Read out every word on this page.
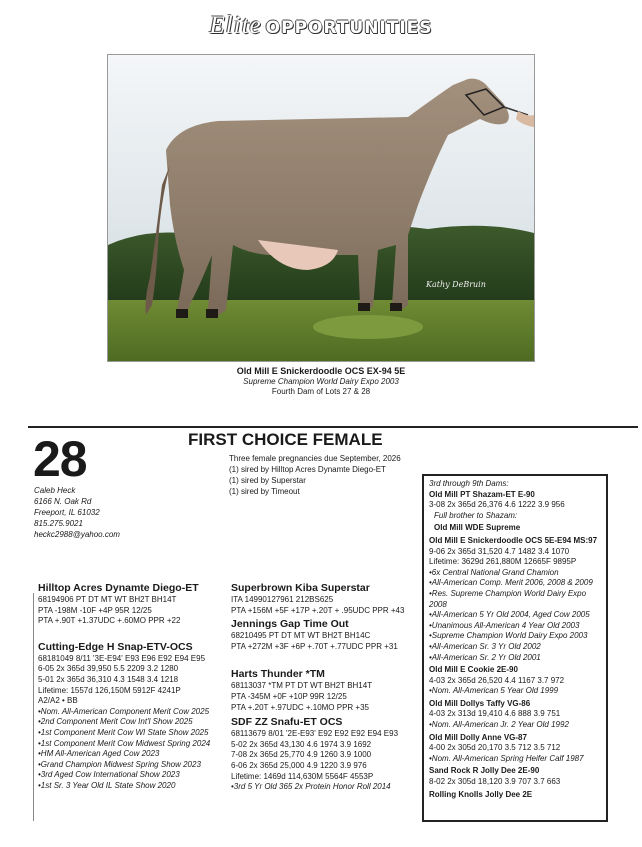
Elite OPPORTUNITIES
Kathy DeBruin
Old Mill E Snickerdoodle OCS EX-94 5E
Supreme Champion World Dairy Expo 2003
Fourth Dam of Lots 27 & 28
28
Caleb Heck
6166 N. Oak Rd
Freeport, IL 61032
815.275.9021
heckc2988@yahoo.com
FIRST CHOICE FEMALE
Three female pregnancies due September, 2026
(1) sired by Hilltop Acres Dynamte Diego-ET
(1) sired by Superstar
(1) sired by Timeout
Hilltop Acres Dynamte Diego-ET
68194906 PT DT MT WT BH2T BH14T
PTA -198M -10F +4P 95R 12/25
PTA +.90T +1.37UDC +.60MO PPR +22
Cutting-Edge H Snap-ETV-OCS
68181049 8/11 '3E-E94' E93 E96 E92 E94 E95
6-05 2x 365d 39,950 5.5 2209 3.2 1280
5-01 2x 365d 36,310 4.3 1548 3.4 1218
Lifetime: 1557d 126,150M 5912F 4241P
A2/A2 • BB
•Nom. All-American Component Merit Cow 2025
•2nd Component Merit Cow Int'l Show 2025
•1st Component Merit Cow WI State Show 2025
•1st Component Merit Cow Midwest Spring 2024
•HM All-American Aged Cow 2023
•Grand Champion Midwest Spring Show 2023
•3rd Aged Cow International Show 2023
•1st Sr. 3 Year Old IL State Show 2020
Superbrown Kiba Superstar
ITA 14990127961 212BS625
PTA +156M +5F +17P +.20T + .95UDC PPR +43
Jennings Gap Time Out
68210495 PT DT MT WT BH2T BH14C
PTA +272M +3F +6P +.70T +.77UDC PPR +31
Harts Thunder *TM
68113037 *TM PT DT WT BH2T BH14T
PTA -345M +0F +10P 99R 12/25
PTA +.20T +.97UDC +.10MO PPR +35
SDF ZZ Snafu-ET OCS
68113679 8/01 '2E-E93' E92 E92 E92 E94 E93
5-02 2x 365d 43,130 4.6 1974 3.9 1692
7-08 2x 365d 25,770 4.9 1260 3.9 1000
6-06 2x 365d 25,000 4.9 1220 3.9 976
Lifetime: 1469d 114,630M 5564F 4553P
•3rd 5 Yr Old 365 2x Protein Honor Roll 2014
3rd through 9th Dams:
Old Mill PT Shazam-ET E-90
3-08 2x 365d 26,376 4.6 1222 3.9 956
Full brother to Shazam:
Old Mill WDE Supreme
Old Mill E Snickerdoodle OCS 5E-E94 MS:97
9-06 2x 365d 31,520 4.7 1482 3.4 1070
Lifetime: 3629d 261,880M 12665F 9895P
•6x Central National Grand Chamion
•All-American Comp. Merit 2006, 2008 & 2009
•Res. Supreme Champion World Dairy Expo 2008
•All-American 5 Yr Old 2004, Aged Cow 2005
•Unanimous All-American 4 Year Old 2003
•Supreme Champion World Dairy Expo 2003
•All-American Sr. 3 Yr Old 2002
•All-American Sr. 2 Yr Old 2001
Old Mill E Cookie 2E-90
4-03 2x 365d 26,520 4.4 1167 3.7 972
•Nom. All-American 5 Year Old 1999
Old Mill Dollys Taffy VG-86
4-03 2x 313d 19,410 4.6 888 3.9 751
•Nom. All-American Jr. 2 Year Old 1992
Old Mill Dolly Anne VG-87
4-00 2x 305d 20,170 3.5 712 3.5 712
•Nom. All-American Spring Heifer Calf 1987
Sand Rock R Jolly Dee 2E-90
8-02 2x 305d 18,120 3.9 707 3.7 663
Rolling Knolls Jolly Dee 2E
